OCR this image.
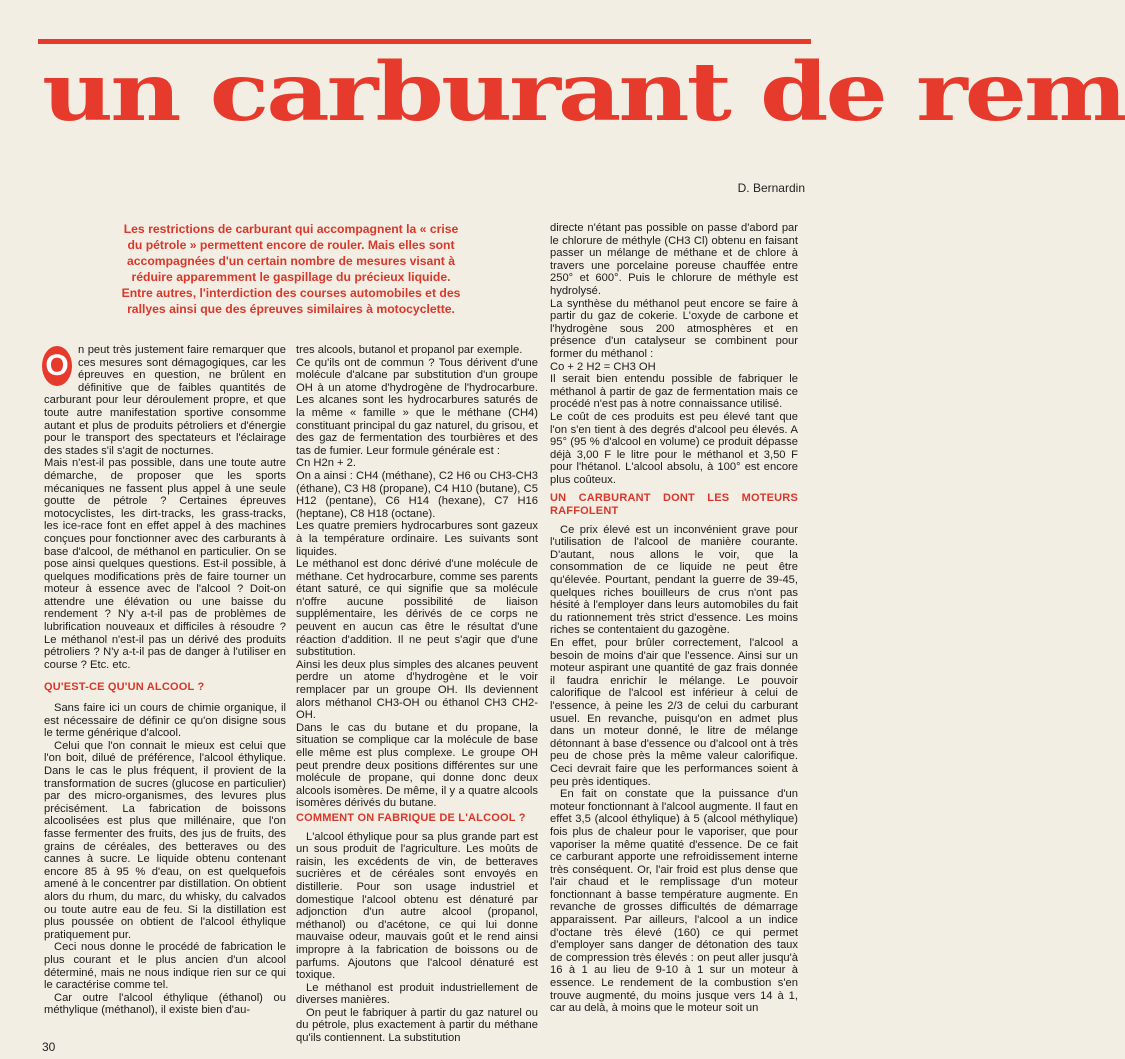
un carburant de rem
D. Bernardin
Les restrictions de carburant qui accompagnent la « crise du pétrole » permettent encore de rouler. Mais elles sont accompagnées d'un certain nombre de mesures visant à réduire apparemment le gaspillage du précieux liquide. Entre autres, l'interdiction des courses automobiles et des rallyes ainsi que des épreuves similaires à motocyclette.
O n peut très justement faire remarquer que ces mesures sont démagogiques, car les épreuves en question, ne brûlent en définitive que de faibles quantités de carburant pour leur déroulement propre, et que toute autre manifestation sportive consomme autant et plus de produits pétroliers et d'énergie pour le transport des spectateurs et l'éclairage des stades s'il s'agit de nocturnes.

Mais n'est-il pas possible, dans une toute autre démarche, de proposer que les sports mécaniques ne fassent plus appel à une seule goutte de pétrole ? Certaines épreuves motocyclistes, les dirt-tracks, les grass-tracks, les ice-race font en effet appel à des machines conçues pour fonctionner avec des carburants à base d'alcool, de méthanol en particulier. On se pose ainsi quelques questions. Est-il possible, à quelques modifications près de faire tourner un moteur à essence avec de l'alcool ? Doit-on attendre une élévation ou une baisse du rendement ? N'y a-t-il pas de problèmes de lubrification nouveaux et difficiles à résoudre ? Le méthanol n'est-il pas un dérivé des produits pétroliers ? N'y a-t-il pas de danger à l'utiliser en course ? Etc. etc.

QU'EST-CE QU'UN ALCOOL ?

Sans faire ici un cours de chimie organique, il est nécessaire de définir ce qu'on disigne sous le terme générique d'alcool.

Celui que l'on connait le mieux est celui que l'on boit, dilué de préférence, l'alcool éthylique. Dans le cas le plus fréquent, il provient de la transformation de sucres (glucose en particulier) par des micro-organismes, des levures plus précisément. La fabrication de boissons alcoolisées est plus que millénaire, que l'on fasse fermenter des fruits, des jus de fruits, des grains de céréales, des betteraves ou des cannes à sucre. Le liquide obtenu contenant encore 85 à 95 % d'eau, on est quelquefois amené à le concentrer par distillation. On obtient alors du rhum, du marc, du whisky, du calvados ou toute autre eau de feu. Si la distillation est plus poussée on obtient de l'alcool éthylique pratiquement pur.

Ceci nous donne le procédé de fabrication le plus courant et le plus ancien d'un alcool déterminé, mais ne nous indique rien sur ce qui le caractérise comme tel.

Car outre l'alcool éthylique (éthanol) ou méthylique (méthanol), il existe bien d'au-

tres alcools, butanol et propanol par exemple.

Ce qu'ils ont de commun ? Tous dérivent d'une molécule d'alcane par substitution d'un groupe OH à un atome d'hydrogène de l'hydrocarbure. Les alcanes sont les hydrocarbures saturés de la même « famille » que le méthane (CH4) constituant principal du gaz naturel, du grisou, et des gaz de fermentation des tourbières et des tas de fumier. Leur formule générale est :

Cn H2n + 2.

On a ainsi : CH4 (méthane), C2 H6 ou CH3-CH3 (éthane), C3 H8 (propane), C4 H10 (butane), C5 H12 (pentane), C6 H14 (hexane), C7 H16 (heptane), C8 H18 (octane).

Les quatre premiers hydrocarbures sont gazeux à la température ordinaire. Les suivants sont liquides.

Le méthanol est donc dérivé d'une molécule de méthane. Cet hydrocarbure, comme ses parents étant saturé, ce qui signifie que sa molécule n'offre aucune possibilité de liaison supplémentaire, les dérivés de ce corps ne peuvent en aucun cas être le résultat d'une réaction d'addition. Il ne peut s'agir que d'une substitution.

Ainsi les deux plus simples des alcanes peuvent perdre un atome d'hydrogène et le voir remplacer par un groupe OH. Ils deviennent alors méthanol CH3-OH ou éthanol CH3 CH2-OH.

Dans le cas du butane et du propane, la situation se complique car la molécule de base elle même est plus complexe. Le groupe OH peut prendre deux positions différentes sur une molécule de propane, qui donne donc deux alcools isomères. De même, il y a quatre alcools isomères dérivés du butane.

COMMENT ON FABRIQUE DE L'ALCOOL ?

L'alcool éthylique pour sa plus grande part est un sous produit de l'agriculture. Les moûts de raisin, les excédents de vin, de betteraves sucrières et de céréales sont envoyés en distillerie. Pour son usage industriel et domestique l'alcool obtenu est dénaturé par adjonction d'un autre alcool (propanol, méthanol) ou d'acétone, ce qui lui donne mauvaise odeur, mauvais goût et le rend ainsi impropre à la fabrication de boissons ou de parfums. Ajoutons que l'alcool dénaturé est toxique.

Le méthanol est produit industriellement de diverses manières.

On peut le fabriquer à partir du gaz naturel ou du pétrole, plus exactement à partir du méthane qu'ils contiennent. La substitution

directe n'étant pas possible on passe d'abord par le chlorure de méthyle (CH3 Cl) obtenu en faisant passer un mélange de méthane et de chlore à travers une porcelaine poreuse chauffée entre 250° et 600°. Puis le chlorure de méthyle est hydrolysé.

La synthèse du méthanol peut encore se faire à partir du gaz de cokerie. L'oxyde de carbone et l'hydrogène sous 200 atmosphères et en présence d'un catalyseur se combinent pour former du méthanol :

Co + 2 H2 = CH3 OH

Il serait bien entendu possible de fabriquer le méthanol à partir de gaz de fermentation mais ce procédé n'est pas à notre connaissance utilisé.

Le coût de ces produits est peu élevé tant que l'on s'en tient à des degrés d'alcool peu élevés. A 95° (95 % d'alcool en volume) ce produit dépasse déjà 3,00 F le litre pour le méthanol et 3,50 F pour l'hétanol. L'alcool absolu, à 100° est encore plus coûteux.

UN CARBURANT DONT LES MOTEURS RAFFOLENT

Ce prix élevé est un inconvénient grave pour l'utilisation de l'alcool de manière courante. D'autant, nous allons le voir, que la consommation de ce liquide ne peut être qu'élevée. Pourtant, pendant la guerre de 39-45, quelques riches bouilleurs de crus n'ont pas hésité à l'employer dans leurs automobiles du fait du rationnement très strict d'essence. Les moins riches se contentaient du gazogène.

En effet, pour brûler correctement, l'alcool a besoin de moins d'air que l'essence. Ainsi sur un moteur aspirant une quantité de gaz frais donnée il faudra enrichir le mélange. Le pouvoir calorifique de l'alcool est inférieur à celui de l'essence, à peine les 2/3 de celui du carburant usuel. En revanche, puisqu'on en admet plus dans un moteur donné, le litre de mélange détonnant à base d'essence ou d'alcool ont à très peu de chose près la même valeur calorifique. Ceci devrait faire que les performances soient à peu près identiques.

En fait on constate que la puissance d'un moteur fonctionnant à l'alcool augmente. Il faut en effet 3,5 (alcool éthylique) à 5 (alcool méthylique) fois plus de chaleur pour le vaporiser, que pour vaporiser la même quatité d'essence. De ce fait ce carburant apporte une refroidissement interne très conséquent. Or, l'air froid est plus dense que l'air chaud et le remplissage d'un moteur fonctionnant à basse température augmente. En revanche de grosses difficultés de démarrage apparaissent. Par ailleurs, l'alcool a un indice d'octane très élevé (160) ce qui permet d'employer sans danger de détonation des taux de compression très élevés : on peut aller jusqu'à 16 à 1 au lieu de 9-10 à 1 sur un moteur à essence. Le rendement de la combustion s'en trouve augmenté, du moins jusque vers 14 à 1, car au delà, à moins que le moteur soit un

30
